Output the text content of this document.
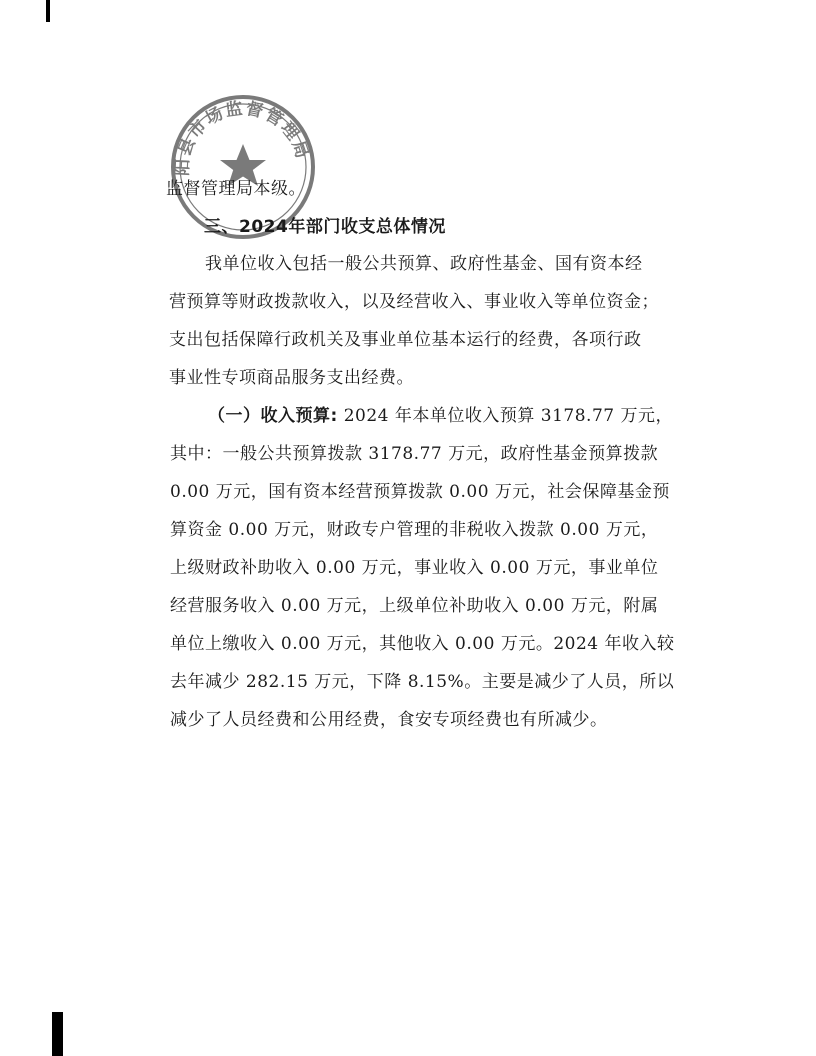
阳县市场监督管理局
监督管理局本级。
三、2024年部门收支总体情况
我单位收入包括一般公共预算、政府性基金、国有资本经
营预算等财政拨款收入，以及经营收入、事业收入等单位资金；
支出包括保障行政机关及事业单位基本运行的经费，各项行政
事业性专项商品服务支出经费。
（一）收入预算: 2024 年本单位收入预算 3178.77 万元，
其中：一般公共预算拨款 3178.77 万元，政府性基金预算拨款
0.00 万元，国有资本经营预算拨款 0.00 万元，社会保障基金预
算资金 0.00 万元，财政专户管理的非税收入拨款 0.00 万元，
上级财政补助收入 0.00 万元，事业收入 0.00 万元，事业单位
经营服务收入 0.00 万元，上级单位补助收入 0.00 万元，附属
单位上缴收入 0.00 万元，其他收入 0.00 万元。2024 年收入较
去年减少 282.15 万元，下降 8.15%。主要是减少了人员，所以
减少了人员经费和公用经费，食安专项经费也有所减少。
